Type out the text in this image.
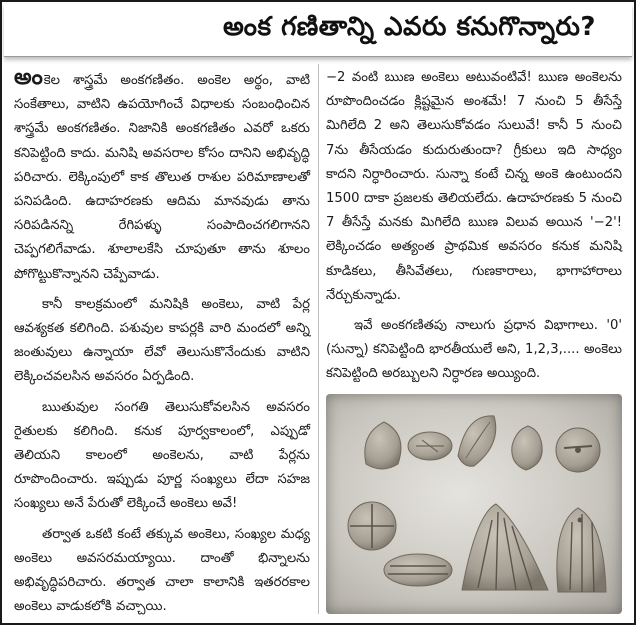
అంక గణితాన్ని ఎవరు కనుగొన్నారు?

అంకెల శాస్త్రమే అంకగణితం. అంకెల అర్థం, వాటి సంకేతాలు, వాటిని ఉపయోగించే విధాలకు సంబంధించిన శాస్త్రమే అంకగణితం. నిజానికి అంకగణితం ఎవరో ఒకరు కనిపెట్టింది కాదు. మనిషి అవసరాల కోసం దానిని అభివృద్ధి పరిచారు. లెక్కింపులో కాక తొలుత రాశుల పరిమాణాలతో పనిపడింది. ఉదాహరణకు ఆదిమ మానవుడు తాను సరిపడినన్ని రేగిపళ్ళు సంపాదించగలిగానని చెప్పగలిగేవాడు. శూలాలకేసి చూపుతూ తాను శూలం పోగొట్టుకొన్నానని చెప్పేవాడు.

కానీ కాలక్రమంలో మనిషికి అంకెలు, వాటి పేర్ల ఆవశ్యకత కలిగింది. పశువుల కాపర్లకి వారి మందలో అన్ని జంతువులు ఉన్నాయా లేవో తెలుసుకొనేందుకు వాటిని లెక్కించవలసిన అవసరం ఏర్పడింది.

ఋతువుల సంగతి తెలుసుకోవలసిన అవసరం రైతులకు కలిగింది. కనుక పూర్వకాలంలో, ఎప్పుడో తెలియని కాలంలో అంకెలను, వాటి పేర్లను రూపొందించారు. ఇప్పుడు పూర్ణ సంఖ్యలు లేదా సహజ సంఖ్యలు అనే పేరుతో లెక్కించే అంకెలు అవే!

తర్వాత ఒకటి కంటే తక్కువ అంకెలు, సంఖ్యల మధ్య అంకెలు అవసరమయ్యాయి. దాంతో భిన్నాలను అభివృద్ధిపరిచారు. తర్వాత చాలా కాలానికి ఇతరరకాల అంకెలు వాడుకలోకి వచ్చాయి.

−2 వంటి ఋణ అంకెలు అటువంటివే! ఋణ అంకెలను రూపొందించడం క్లిష్టమైన అంశమే! 7 నుంచి 5 తీసేస్తే మిగిలేది 2 అని తెలుసుకోవడం సులువే! కానీ 5 నుంచి 7ను తీసేయడం కుదురుతుందా? గ్రీకులు ఇది సాధ్యం కాదని నిర్ధారించారు. సున్నా కంటే చిన్న అంకె ఉంటుందని 1500 దాకా ప్రజలకు తెలియలేదు. ఉదాహరణకు 5 నుంచి 7 తీసేస్తే మనకు మిగిలేది ఋణ విలువ అయిన '−2'! లెక్కించడం అత్యంత ప్రాథమిక అవసరం కనుక మనిషి కూడికలు, తీసివేతలు, గుణకారాలు, భాగాహారాలు నేర్చుకున్నాడు.

ఇవే అంకగణితపు నాలుగు ప్రధాన విభాగాలు. '0' (సున్నా) కనిపెట్టింది భారతీయులే అని, 1,2,3,.... అంకెలు కనిపెట్టింది అరబ్బులని నిర్ధారణ అయ్యింది.
